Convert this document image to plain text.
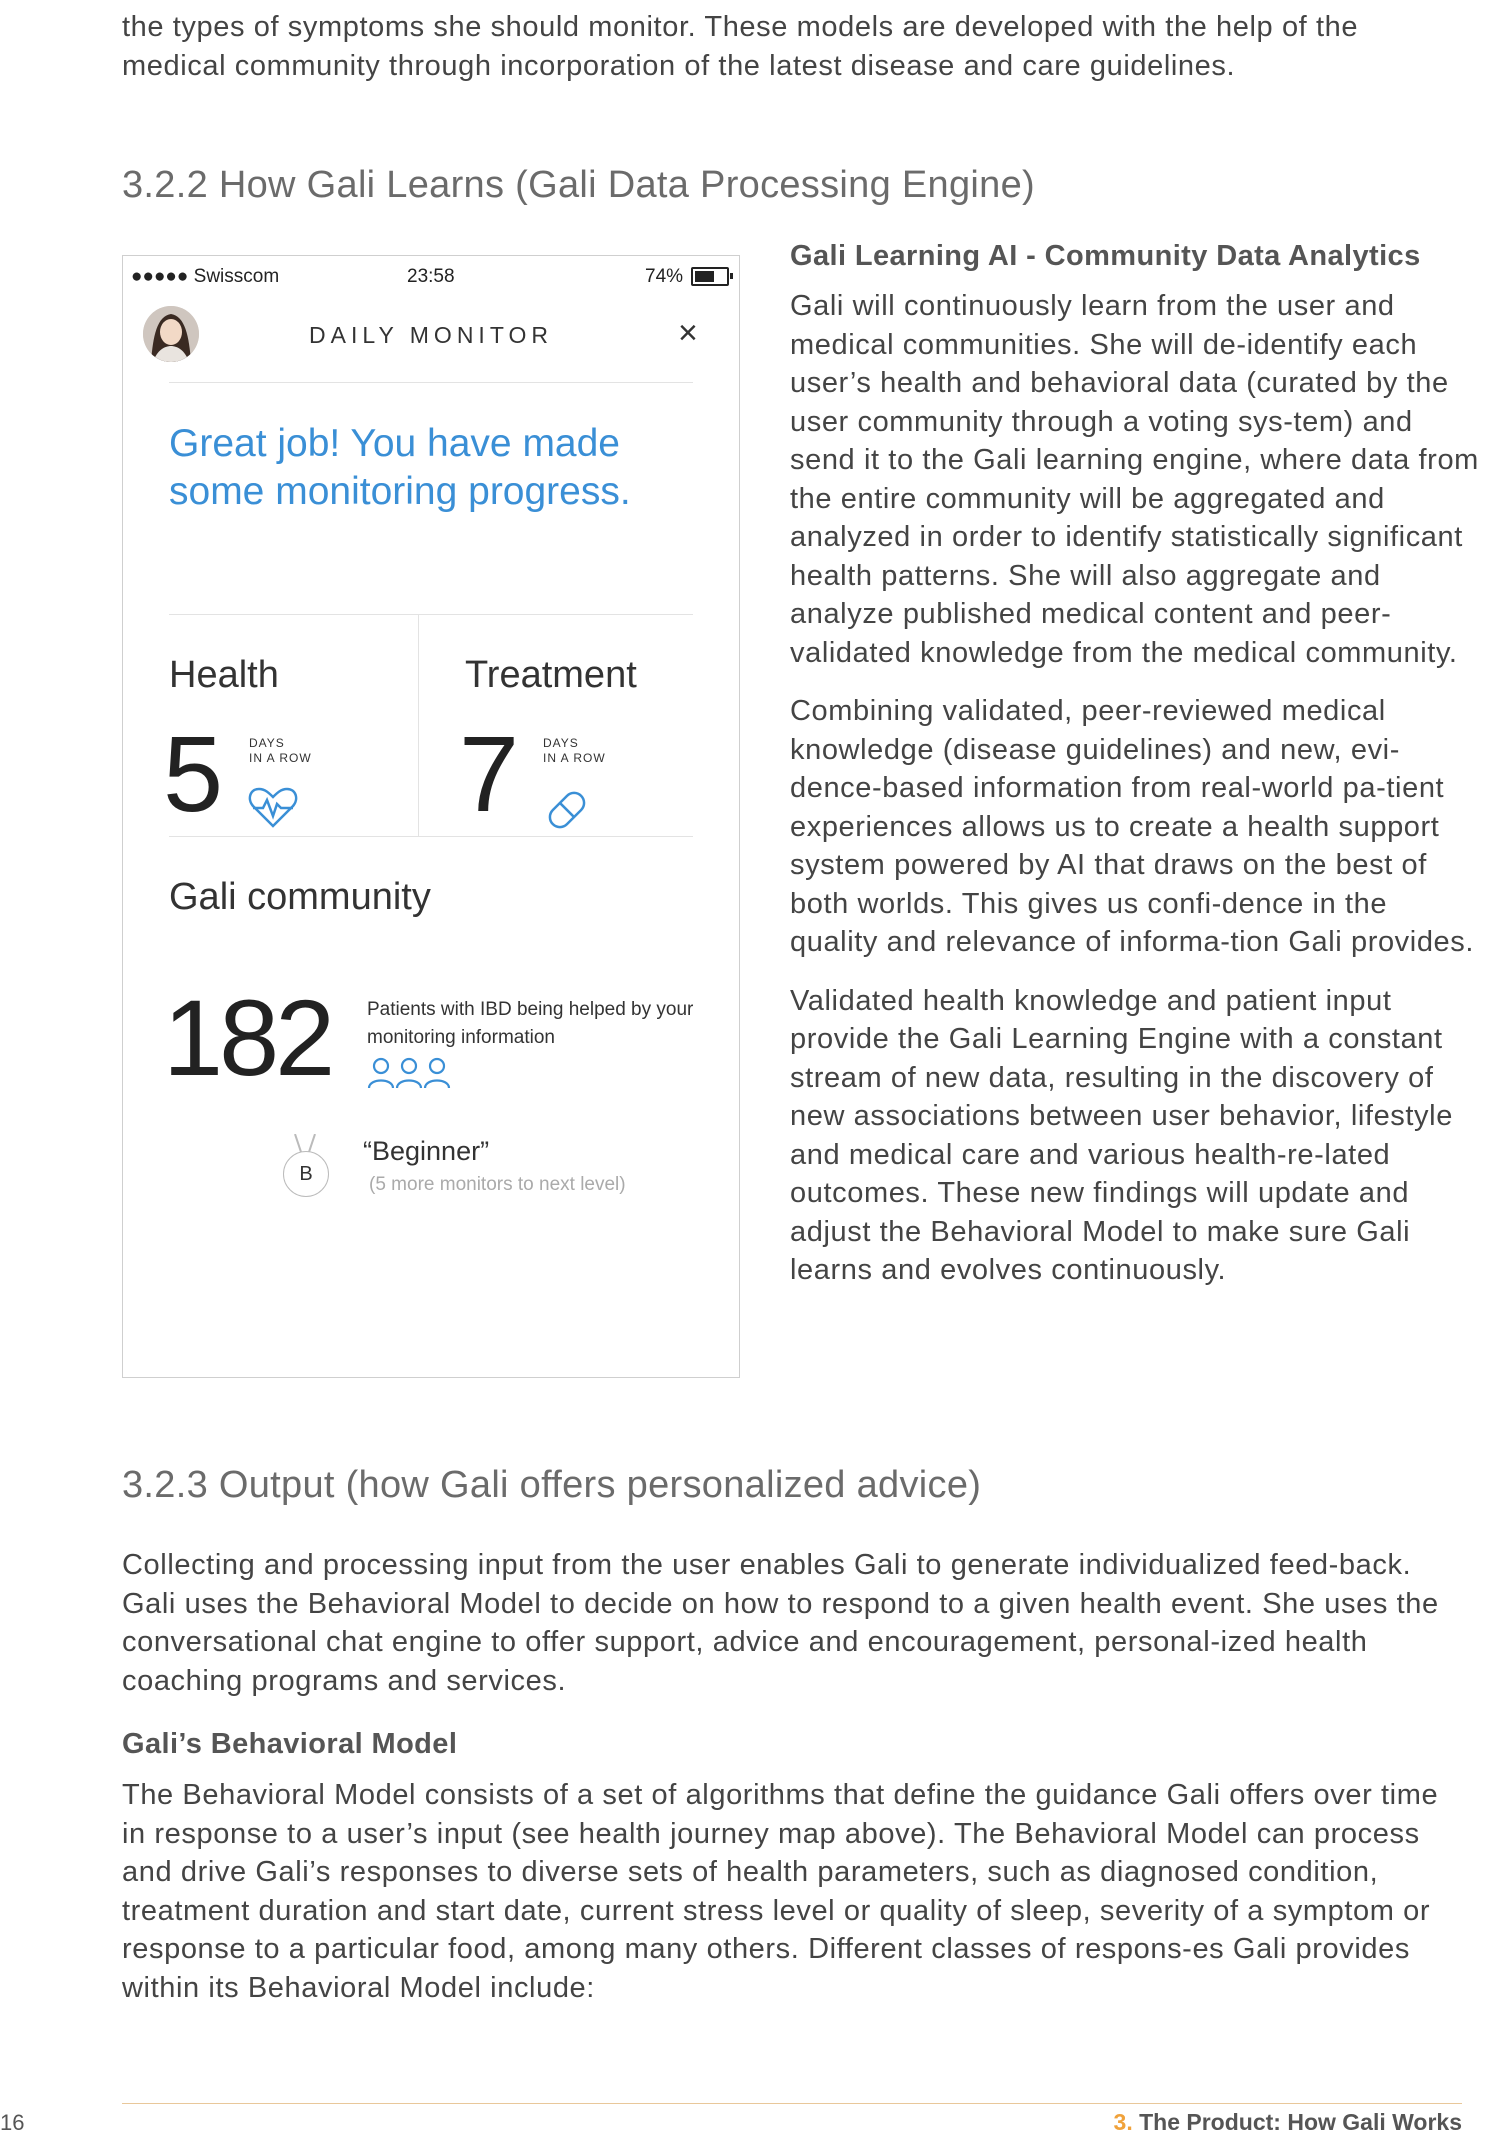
the types of symptoms she should monitor. These models are developed with the help of the medical community through incorporation of the latest disease and care guidelines.

3.2.2 How Gali Learns (Gali Data Processing Engine)
●●●●● Swisscom	23:58	74%
DAILY MONITOR	×
Great job! You have made some monitoring progress.
Health
5 DAYS
IN A ROW
Treatment
7 DAYS
IN A ROW
Gali community
182 Patients with IBD being helped by your monitoring information
B
“Beginner”
(5 more monitors to next level)
Gali Learning AI - Community Data Analytics

Gali will continuously learn from the user and medical communities. She will de-identify each user’s health and behavioral data (curated by the user community through a voting sys-tem) and send it to the Gali learning engine, where data from the entire community will be aggregated and analyzed in order to identify statistically significant health patterns. She will also aggregate and analyze published medical content and peer-validated knowledge from the medical community.

Combining validated, peer-reviewed medical knowledge (disease guidelines) and new, evi-dence-based information from real-world pa-tient experiences allows us to create a health support system powered by AI that draws on the best of both worlds. This gives us confi-dence in the quality and relevance of informa-tion Gali provides.

Validated health knowledge and patient input provide the Gali Learning Engine with a constant stream of new data, resulting in the discovery of new associations between user behavior, lifestyle and medical care and various health-re-lated outcomes. These new findings will update and adjust the Behavioral Model to make sure Gali learns and evolves continuously.

3.2.3 Output (how Gali offers personalized advice)

Collecting and processing input from the user enables Gali to generate individualized feed-back. Gali uses the Behavioral Model to decide on how to respond to a given health event. She uses the conversational chat engine to offer support, advice and encouragement, personal-ized health coaching programs and services.

Gali’s Behavioral Model

The Behavioral Model consists of a set of algorithms that define the guidance Gali offers over time in response to a user’s input (see health journey map above). The Behavioral Model can process and drive Gali’s responses to diverse sets of health parameters, such as diagnosed condition, treatment duration and start date, current stress level or quality of sleep, severity of a symptom or response to a particular food, among many others. Different classes of respons-es Gali provides within its Behavioral Model include:

16	3. The Product: How Gali Works
